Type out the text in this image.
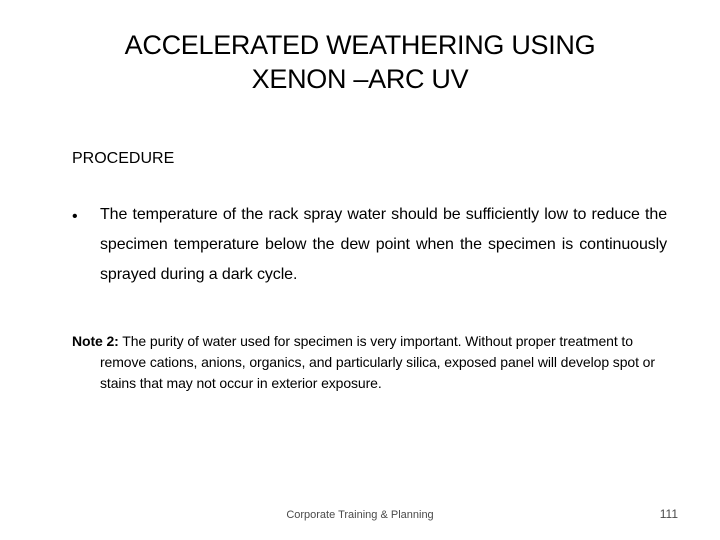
ACCELERATED WEATHERING USING
XENON –ARC UV
PROCEDURE
• The temperature of the rack spray water should be sufficiently low to reduce the specimen temperature below the dew point when the specimen is continuously sprayed during a dark cycle.
Note 2: The purity of water used for specimen is very important. Without proper treatment to remove cations, anions, organics, and particularly silica, exposed panel will develop spot or stains that may not occur in exterior exposure.
Corporate Training & Planning	111
